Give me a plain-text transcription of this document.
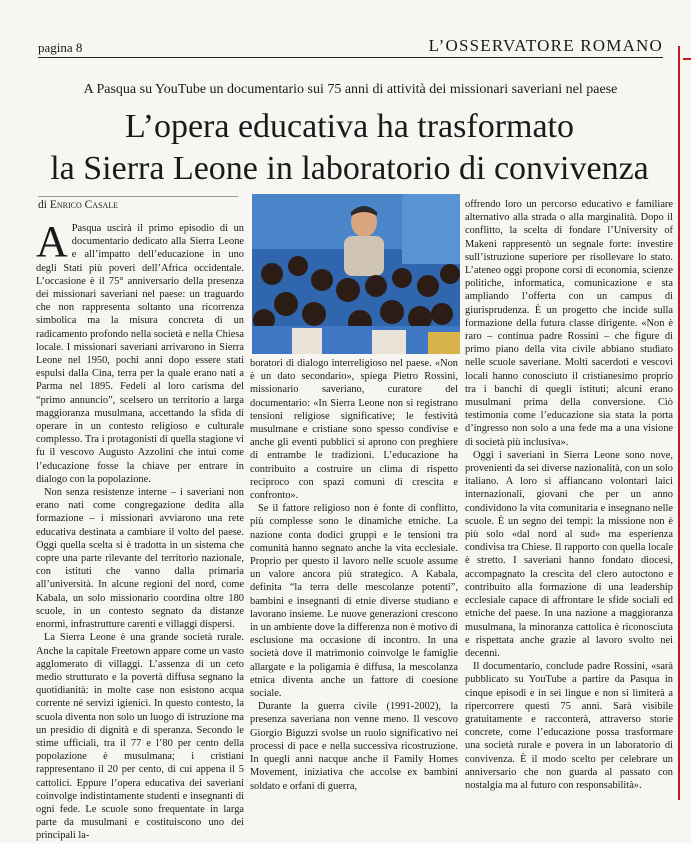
pagina 8	L’OSSERVATORE ROMANO
A Pasqua su YouTube un documentario sui 75 anni di attività dei missionari saveriani nel paese
L’opera educativa ha trasformato
la Sierra Leone in laboratorio di convivenza
di Enrico Casale

A Pasqua uscirà il primo episodio di un documentario dedicato alla Sierra Leone e all’impatto dell’educazione in uno degli Stati più poveri dell’Africa occidentale. L’occasione è il 75° anniversario della presenza dei missionari saveriani nel paese: un traguardo che non rappresenta soltanto una ricorrenza simbolica ma la misura concreta di un radicamento profondo nella società e nella Chiesa locale. I missionari saveriani arrivarono in Sierra Leone nel 1950, pochi anni dopo essere stati espulsi dalla Cina, terra per la quale erano nati a Parma nel 1895. Fedeli al loro carisma del “primo annuncio”, scelsero un territorio a larga maggioranza musulmana, accettando la sfida di operare in un contesto religioso e culturale complesso. Tra i protagonisti di quella stagione vi fu il vescovo Augusto Azzolini che intuì come l’educazione fosse la chiave per entrare in dialogo con la popolazione.

Non senza resistenze interne – i saveriani non erano nati come congregazione dedita alla formazione – i missionari avviarono una rete educativa destinata a cambiare il volto del paese. Oggi quella scelta si è tradotta in un sistema che copre una parte rilevante del territorio nazionale, con istituti che vanno dalla primaria all’università. In alcune regioni del nord, come Kabala, un solo missionario coordina oltre 180 scuole, in un contesto segnato da distanze enormi, infrastrutture carenti e villaggi dispersi.

La Sierra Leone è una grande società rurale. Anche la capitale Freetown appare come un vasto agglomerato di villaggi. L’assenza di un ceto medio strutturato e la povertà diffusa segnano la quotidianità: in molte case non esistono acqua corrente né servizi igienici. In questo contesto, la scuola diventa non solo un luogo di istruzione ma un presidio di dignità e di speranza. Secondo le stime ufficiali, tra il 77 e l’80 per cento della popolazione è musulmana; i cristiani rappresentano il 20 per cento, di cui appena il 5 cattolici. Eppure l’opera educativa dei saveriani coinvolge indistintamente studenti e insegnanti di ogni fede. Le scuole sono frequentate in larga parte da musulmani e costituiscono uno dei principali la-

boratori di dialogo interreligioso nel paese. «Non è un dato secondario», spiega Pietro Rossini, missionario saveriano, curatore del documentario: «In Sierra Leone non si registrano tensioni religiose significative; le festività musulmane e cristiane sono spesso condivise e anche gli eventi pubblici si aprono con preghiere di entrambe le tradizioni. L’educazione ha contribuito a costruire un clima di rispetto reciproco con spazi comuni di crescita e confronto».

Se il fattore religioso non è fonte di conflitto, più complesse sono le dinamiche etniche. La nazione conta dodici gruppi e le tensioni tra comunità hanno segnato anche la vita ecclesiale. Proprio per questo il lavoro nelle scuole assume un valore ancora più strategico. A Kabala, definita “la terra delle mescolanze potenti”, bambini e insegnanti di etnie diverse studiano e lavorano insieme. Le nuove generazioni crescono in un ambiente dove la differenza non è motivo di esclusione ma occasione di incontro. In una società dove il matrimonio coinvolge le famiglie allargate e la poligamia è diffusa, la mescolanza etnica diventa anche un fattore di coesione sociale.

Durante la guerra civile (1991-2002), la presenza saveriana non venne meno. Il vescovo Giorgio Biguzzi svolse un ruolo significativo nei processi di pace e nella successiva ricostruzione. In quegli anni nacque anche il Family Homes Movement, iniziativa che accolse ex bambini soldato e orfani di guerra,

offrendo loro un percorso educativo e familiare alternativo alla strada o alla marginalità. Dopo il conflitto, la scelta di fondare l’University of Makeni rappresentò un segnale forte: investire sull’istruzione superiore per risollevare lo stato. L’ateneo oggi propone corsi di economia, scienze politiche, informatica, comunicazione e sta ampliando l’offerta con un campus di giurisprudenza. È un progetto che incide sulla formazione della futura classe dirigente. «Non è raro – continua padre Rossini – che figure di primo piano della vita civile abbiano studiato nelle scuole saveriane. Molti sacerdoti e vescovi locali hanno conosciuto il cristianesimo proprio tra i banchi di quegli istituti; alcuni erano musulmani prima della conversione. Ciò testimonia come l’educazione sia stata la porta d’ingresso non solo a una fede ma a una visione di società più inclusiva».

Oggi i saveriani in Sierra Leone sono nove, provenienti da sei diverse nazionalità, con un solo italiano. A loro si affiancano volontari laici internazionali, giovani che per un anno condividono la vita comunitaria e insegnano nelle scuole. È un segno dei tempi: la missione non è più solo «dal nord al sud» ma esperienza condivisa tra Chiese. Il rapporto con quella locale è stretto. I saveriani hanno fondato diocesi, accompagnato la crescita del clero autoctono e contribuito alla formazione di una leadership ecclesiale capace di affrontare le sfide sociali ed etniche del paese. In una nazione a maggioranza musulmana, la minoranza cattolica è riconosciuta e rispettata anche grazie al lavoro svolto nei decenni.

Il documentario, conclude padre Rossini, «sarà pubblicato su YouTube a partire da Pasqua in cinque episodi e in sei lingue e non si limiterà a ripercorrere questi 75 anni. Sarà visibile gratuitamente e racconterà, attraverso storie concrete, come l’educazione possa trasformare una società rurale e povera in un laboratorio di convivenza. È il modo scelto per celebrare un anniversario che non guarda al passato con nostalgia ma al futuro con responsabilità».
